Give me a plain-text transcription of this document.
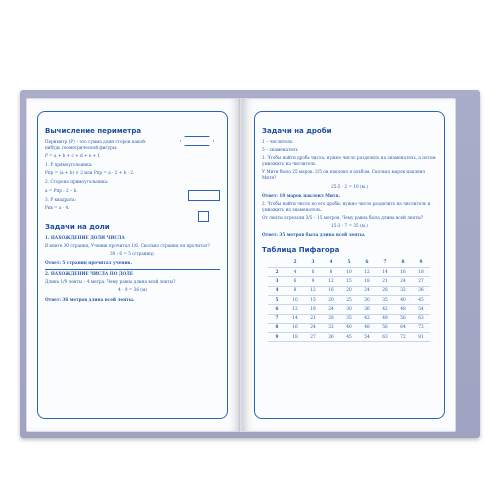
Вычисление периметра

Периметр (P) – это сумма длин сторон какой-нибудь геометрической фигуры:

P = a + b + c + d + e + f.

1. P прямоугольника:

Pпр = (a + b) × 2 или Pпр = a · 2 + b · 2.

2. Сторона прямоугольника:

a = Pпр : 2 – b.

3. P квадрата:

Pкв = a · 4.

Задачи на доли

1. НАХОЖДЕНИЕ ДОЛИ ЧИСЛА

В книге 30 страниц. Ученик прочитал 1/6. Сколько страниц он прочитал?

30 : 6 = 5 (страниц).

Ответ: 5 страниц прочитал ученик.

2. НАХОЖДЕНИЕ ЧИСЛА ПО ДОЛЕ

Длина 1/9 ленты – 4 метра. Чему равна длина всей ленты?

4 · 9 = 36 (м)

Ответ: 36 метров длина всей ленты.

Задачи на дроби

1 – числитель

5 – знаменатель

1. Чтобы найти дробь числа, нужно число разделить на знаменатель, а потом умножить на числитель.

У Мити было 25 марок. 2/5 он наклеил в альбом. Сколько марок наклеил Митя?

25:5 · 2 = 10 (м.)

Ответ: 10 марок наклеил Митя.

2. Чтобы найти число по его дроби, нужно число разделить на числитель и умножить на знаменатель.

От ленты отрезали 3/5 – 15 метров. Чему равна была длина всей ленты?

15:3 · 7 = 35 (м.)

Ответ: 35 метров была длина всей ленты.

Таблица Пифагора
	2	3	4	5	6	7	8	9
2	4	6	8	10	12	14	16	18
3	6	9	12	15	18	21	24	27
4	8	12	16	20	24	28	32	36
5	10	15	20	25	30	35	40	45
6	12	18	24	30	36	42	48	54
7	14	21	28	35	42	49	56	63
8	16	24	32	40	48	56	64	72
9	18	27	36	45	54	63	72	81
